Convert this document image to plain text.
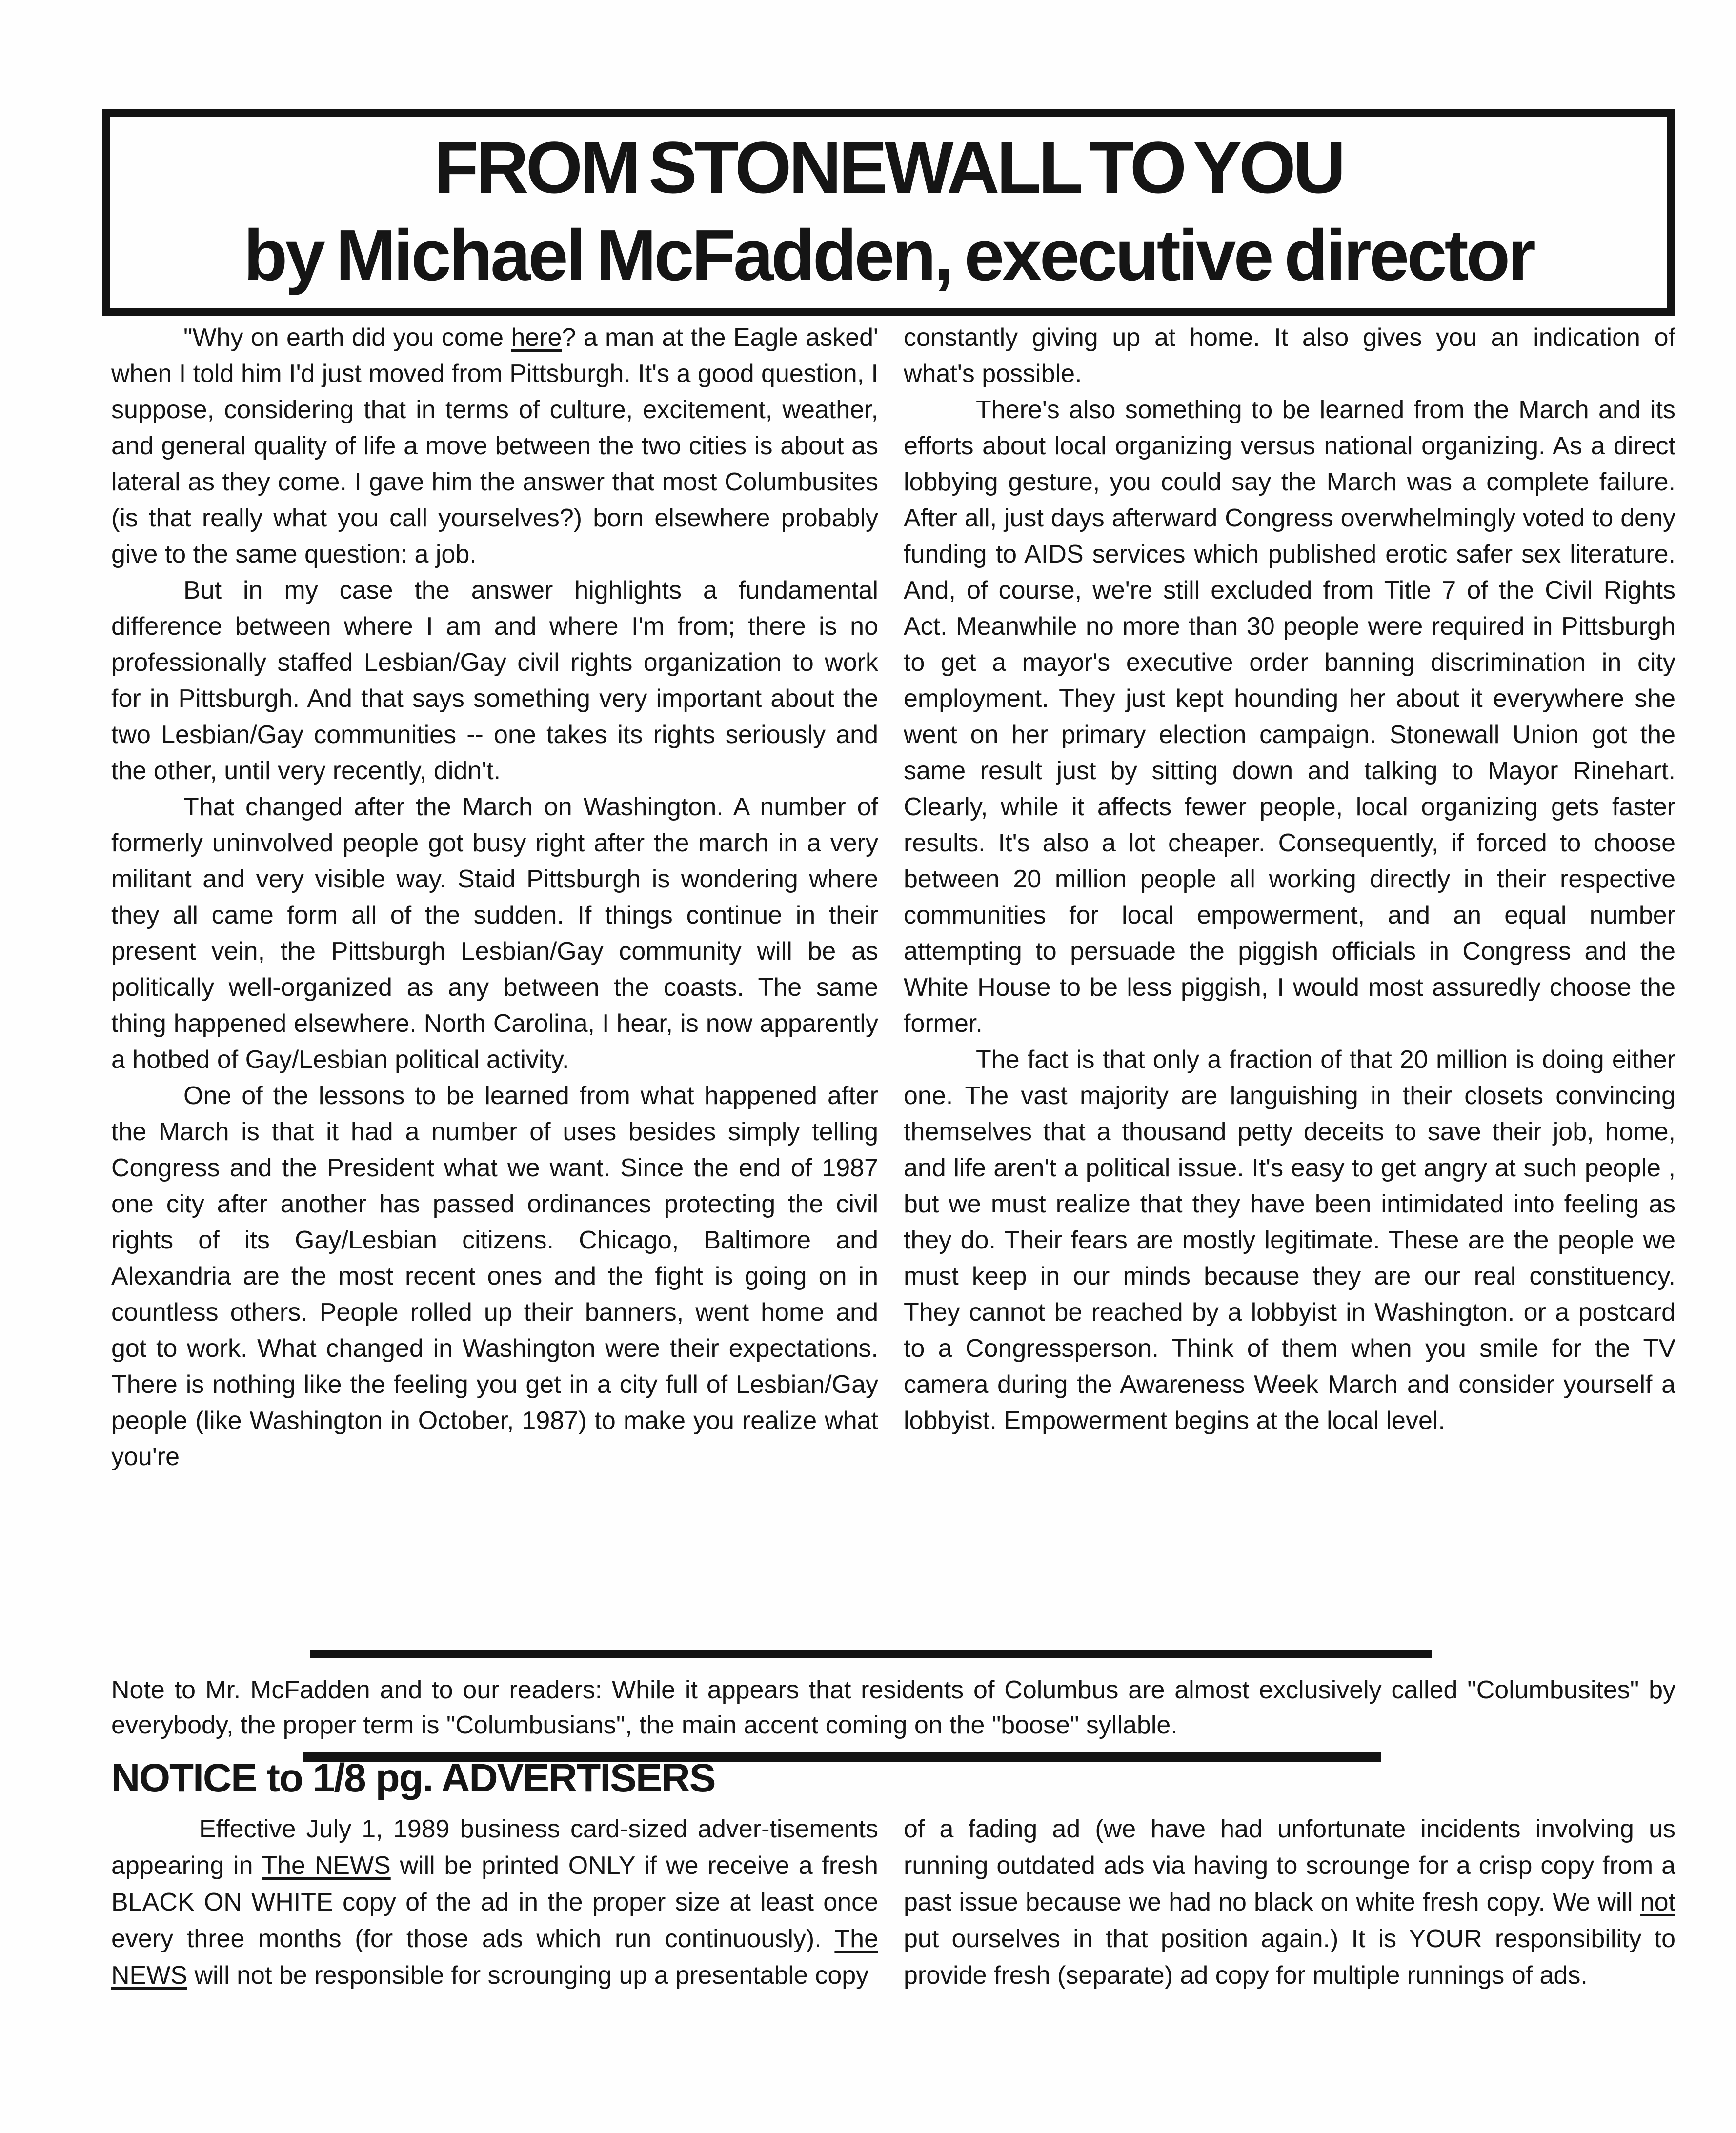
FROM STONEWALL TO YOU
by Michael McFadden, executive director

"Why on earth did you come here? a man at the Eagle asked' when I told him I'd just moved from Pittsburgh. It's a good question, I suppose, considering that in terms of culture, excitement, weather, and general quality of life a move between the two cities is about as lateral as they come. I gave him the answer that most Columbusites (is that really what you call yourselves?) born elsewhere probably give to the same question: a job.

But in my case the answer highlights a fundamental difference between where I am and where I'm from; there is no professionally staffed Lesbian/Gay civil rights organization to work for in Pittsburgh. And that says something very important about the two Lesbian/Gay communities -- one takes its rights seriously and the other, until very recently, didn't.

That changed after the March on Washington. A number of formerly uninvolved people got busy right after the march in a very militant and very visible way. Staid Pittsburgh is wondering where they all came form all of the sudden. If things continue in their present vein, the Pittsburgh Lesbian/Gay community will be as politically well-organized as any between the coasts. The same thing happened elsewhere. North Carolina, I hear, is now apparently a hotbed of Gay/Lesbian political activity.

One of the lessons to be learned from what happened after the March is that it had a number of uses besides simply telling Congress and the President what we want. Since the end of 1987 one city after another has passed ordinances protecting the civil rights of its Gay/Lesbian citizens. Chicago, Baltimore and Alexandria are the most recent ones and the fight is going on in countless others. People rolled up their banners, went home and got to work. What changed in Washington were their expectations. There is nothing like the feeling you get in a city full of Lesbian/Gay people (like Washington in October, 1987) to make you realize what you're

constantly giving up at home. It also gives you an indication of what's possible.

There's also something to be learned from the March and its efforts about local organizing versus national organizing. As a direct lobbying gesture, you could say the March was a complete failure. After all, just days afterward Congress overwhelmingly voted to deny funding to AIDS services which published erotic safer sex literature. And, of course, we're still excluded from Title 7 of the Civil Rights Act. Meanwhile no more than 30 people were required in Pittsburgh to get a mayor's executive order banning discrimination in city employment. They just kept hounding her about it everywhere she went on her primary election campaign. Stonewall Union got the same result just by sitting down and talking to Mayor Rinehart. Clearly, while it affects fewer people, local organizing gets faster results. It's also a lot cheaper. Consequently, if forced to choose between 20 million people all working directly in their respective communities for local empowerment, and an equal number attempting to persuade the piggish officials in Congress and the White House to be less piggish, I would most assuredly choose the former.

The fact is that only a fraction of that 20 million is doing either one. The vast majority are languishing in their closets convincing themselves that a thousand petty deceits to save their job, home, and life aren't a political issue. It's easy to get angry at such people , but we must realize that they have been intimidated into feeling as they do. Their fears are mostly legitimate. These are the people we must keep in our minds because they are our real constituency. They cannot be reached by a lobbyist in Washington. or a postcard to a Congressperson. Think of them when you smile for the TV camera during the Awareness Week March and consider yourself a lobbyist. Empowerment begins at the local level.

Note to Mr. McFadden and to our readers: While it appears that residents of Columbus are almost exclusively called "Columbusites" by everybody, the proper term is "Columbusians", the main accent coming on the "boose" syllable.

NOTICE to 1/8 pg. ADVERTISERS

Effective July 1, 1989 business card-sized adver-tisements appearing in The NEWS will be printed ONLY if we receive a fresh BLACK ON WHITE copy of the ad in the proper size at least once every three months (for those ads which run continuously). The NEWS will not be responsible for scrounging up a presentable copy

of a fading ad (we have had unfortunate incidents involving us running outdated ads via having to scrounge for a crisp copy from a past issue because we had no black on white fresh copy. We will not put ourselves in that position again.) It is YOUR responsibility to provide fresh (separate) ad copy for multiple runnings of ads.
